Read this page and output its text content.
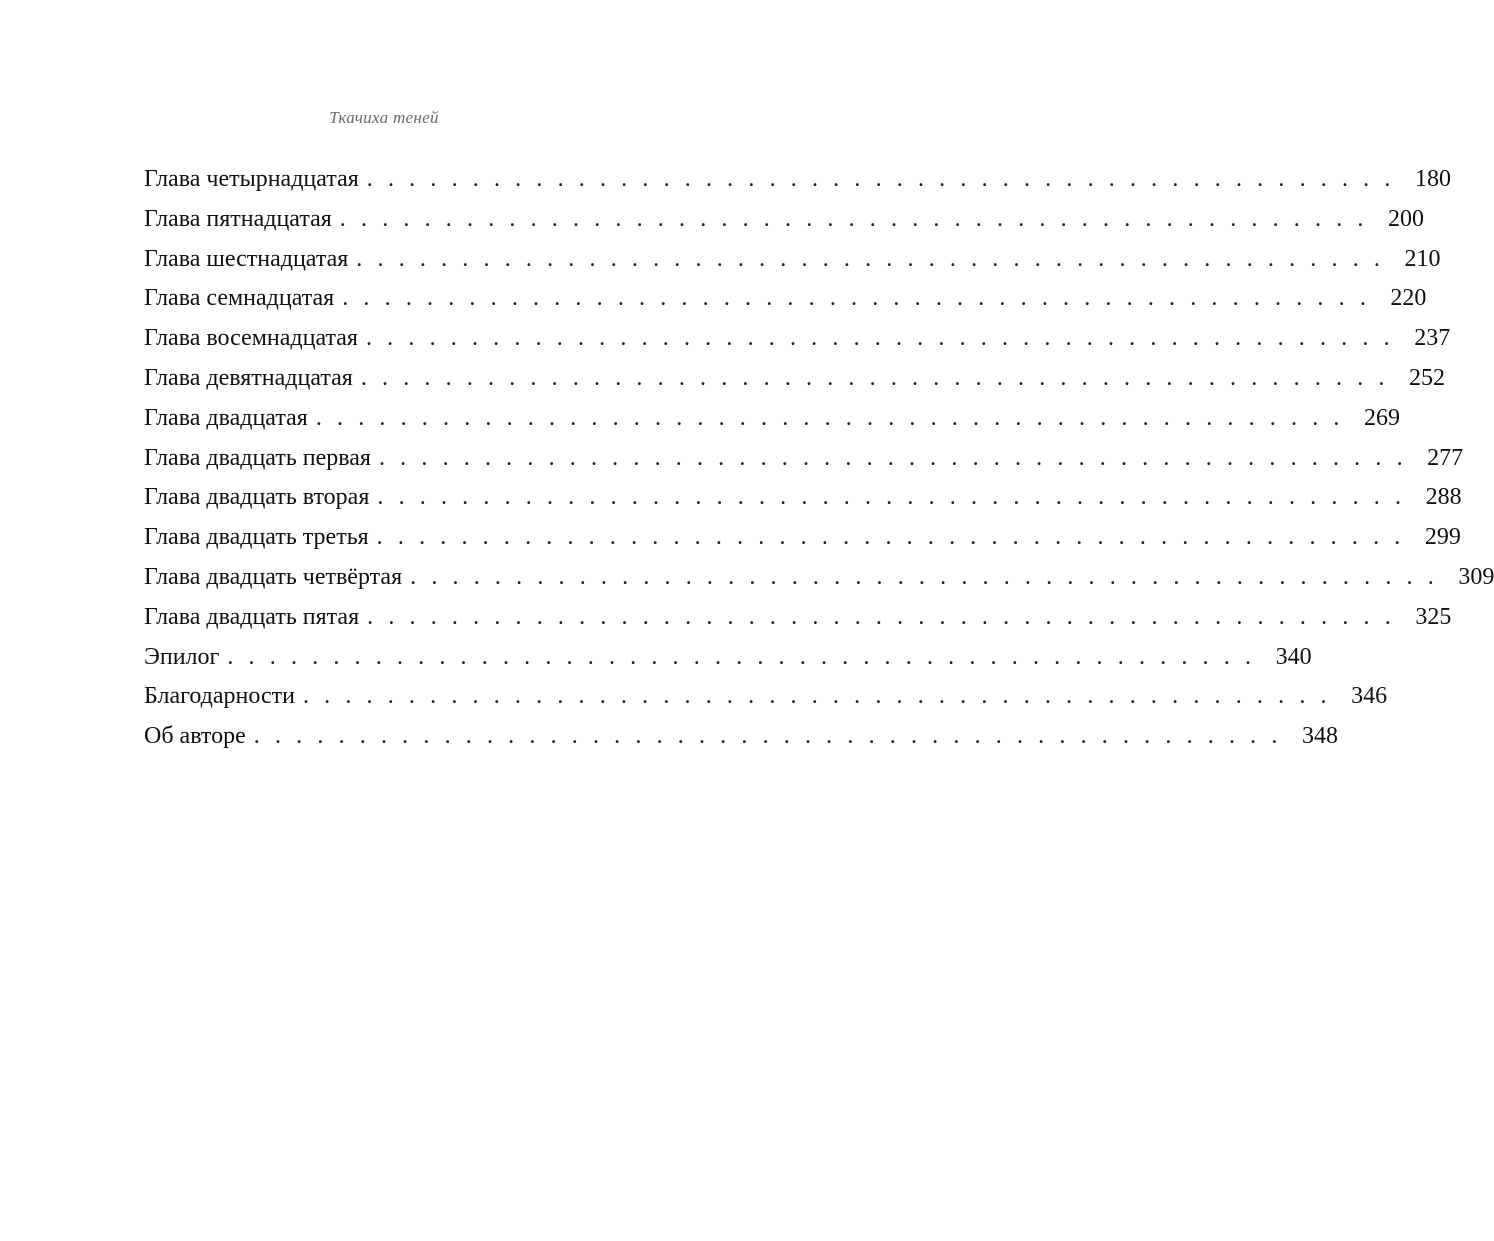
Ткачиха теней
Глава четырнадцатая . . . . . . . . . . . . . . . . . . . . . . . . . . . . . . . . . . . . . . . . . . . . . . . . . 180
Глава пятнадцатая . . . . . . . . . . . . . . . . . . . . . . . . . . . . . . . . . . . . . . . . . . . . . . . . . 200
Глава шестнадцатая . . . . . . . . . . . . . . . . . . . . . . . . . . . . . . . . . . . . . . . . . . . . . . . . . 210
Глава семнадцатая . . . . . . . . . . . . . . . . . . . . . . . . . . . . . . . . . . . . . . . . . . . . . . . . . 220
Глава восемнадцатая . . . . . . . . . . . . . . . . . . . . . . . . . . . . . . . . . . . . . . . . . . . . . . . . . 237
Глава девятнадцатая . . . . . . . . . . . . . . . . . . . . . . . . . . . . . . . . . . . . . . . . . . . . . . . . . 252
Глава двадцатая . . . . . . . . . . . . . . . . . . . . . . . . . . . . . . . . . . . . . . . . . . . . . . . . . 269
Глава двадцать первая . . . . . . . . . . . . . . . . . . . . . . . . . . . . . . . . . . . . . . . . . . . . . . . . . 277
Глава двадцать вторая . . . . . . . . . . . . . . . . . . . . . . . . . . . . . . . . . . . . . . . . . . . . . . . . . 288
Глава двадцать третья . . . . . . . . . . . . . . . . . . . . . . . . . . . . . . . . . . . . . . . . . . . . . . . . . 299
Глава двадцать четвёртая . . . . . . . . . . . . . . . . . . . . . . . . . . . . . . . . . . . . . . . . . . . . . . . . . 309
Глава двадцать пятая . . . . . . . . . . . . . . . . . . . . . . . . . . . . . . . . . . . . . . . . . . . . . . . . . 325
Эпилог . . . . . . . . . . . . . . . . . . . . . . . . . . . . . . . . . . . . . . . . . . . . . . . . . 340
Благодарности . . . . . . . . . . . . . . . . . . . . . . . . . . . . . . . . . . . . . . . . . . . . . . . . . 346
Об авторе . . . . . . . . . . . . . . . . . . . . . . . . . . . . . . . . . . . . . . . . . . . . . . . . . 348
